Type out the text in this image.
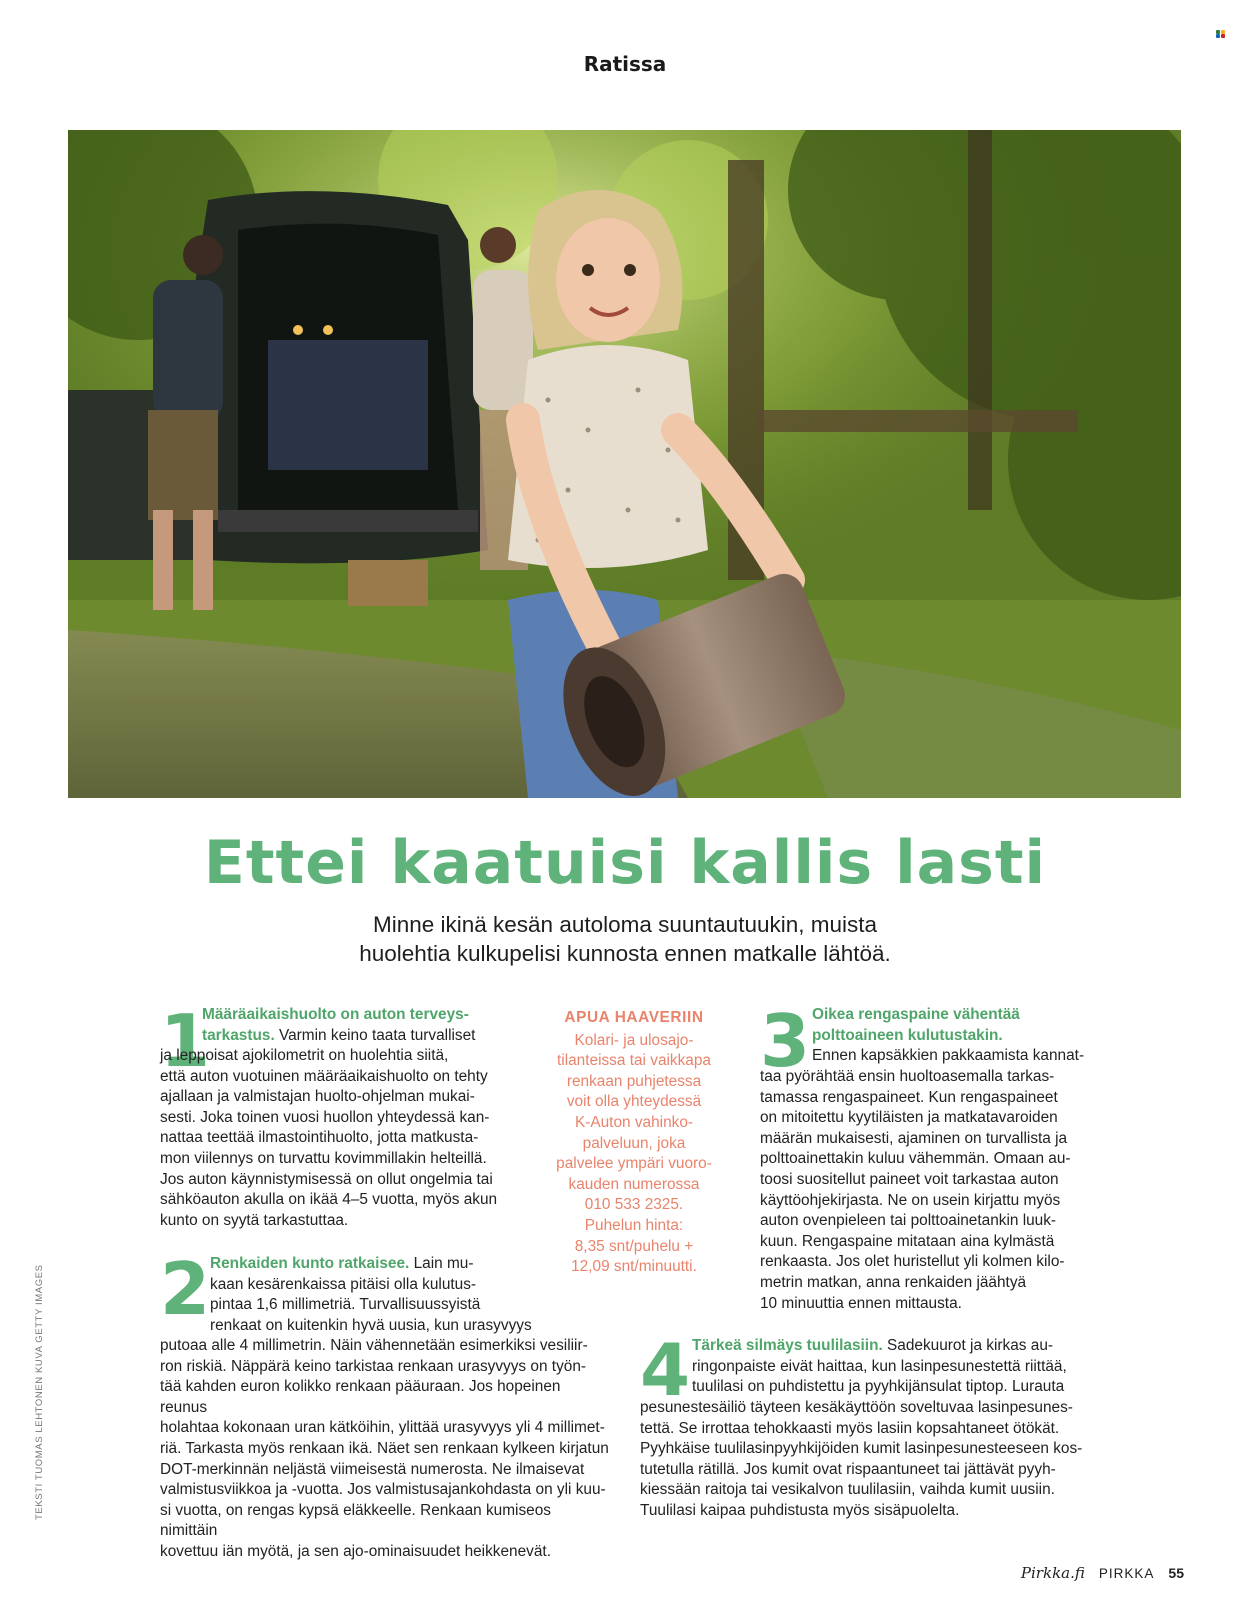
Ratissa
Ettei kaatuisi kallis lasti
Minne ikinä kesän autoloma suuntautuukin, muista
huolehtia kulkupelisi kunnosta ennen matkalle lähtöä.
1
Määräaikaishuolto on auton terveys-
tarkastus. Varmin keino taata turvalliset
ja leppoisat ajokilometrit on huolehtia siitä,
että auton vuotuinen määräaikaishuolto on tehty
ajallaan ja valmistajan huolto-ohjelman mukai-
sesti. Joka toinen vuosi huollon yhteydessä kan-
nattaa teettää ilmastointihuolto, jotta matkusta-
mon viilennys on turvattu kovimmillakin helteillä.
Jos auton käynnistymisessä on ollut ongelmia tai
sähköauton akulla on ikää 4–5 vuotta, myös akun
kunto on syytä tarkastuttaa.
2 Renkaiden kunto ratkaisee. Lain mu-
kaan kesärenkaissa pitäisi olla kulutus-
pintaa 1,6 millimetriä. Turvallisuussyistä
renkaat on kuitenkin hyvä uusia, kun urasyvyys
putoaa alle 4 millimetrin. Näin vähennetään esimerkiksi vesiliir-
ron riskiä. Näppärä keino tarkistaa renkaan urasyvyys on työn-
tää kahden euron kolikko renkaan pääuraan. Jos hopeinen reunus
holahtaa kokonaan uran kätköihin, ylittää urasyvyys yli 4 millimet-
riä. Tarkasta myös renkaan ikä. Näet sen renkaan kylkeen kirjatun
DOT-merkinnän neljästä viimeisestä numerosta. Ne ilmaisevat
valmistusviikkoa ja -vuotta. Jos valmistusajankohdasta on yli kuu-
si vuotta, on rengas kypsä eläkkeelle. Renkaan kumiseos nimittäin
kovettuu iän myötä, ja sen ajo-ominaisuudet heikkenevät.
APUA HAAVERIIN
Kolari- ja ulosajo-
tilanteissa tai vaikkapa
renkaan puhjetessa
voit olla yhteydessä
K-Auton vahinko-
palveluun, joka
palvelee ympäri vuoro-
kauden numerossa
010 533 2325.
Puhelun hinta:
8,35 snt/puhelu +
12,09 snt/minuutti.
3 Oikea rengaspaine vähentää
polttoaineen kulutustakin.
Ennen kapsäkkien pakkaamista kannat-
taa pyörähtää ensin huoltoasemalla tarkas-
tamassa rengaspaineet. Kun rengaspaineet
on mitoitettu kyytiläisten ja matkatavaroiden
määrän mukaisesti, ajaminen on turvallista ja
polttoainettakin kuluu vähemmän. Omaan au-
toosi suositellut paineet voit tarkastaa auton
käyttöohjekirjasta. Ne on usein kirjattu myös
auton ovenpieleen tai polttoainetankin luuk-
kuun. Rengaspaine mitataan aina kylmästä
renkaasta. Jos olet huristellut yli kolmen kilo-
metrin matkan, anna renkaiden jäähtyä
10 minuuttia ennen mittausta.
4 Tärkeä silmäys tuulilasiin. Sadekuurot ja kirkas au-
ringonpaiste eivät haittaa, kun lasinpesunestettä riittää,
tuulilasi on puhdistettu ja pyyhkijänsulat tiptop. Lurauta
pesunestesäiliö täyteen kesäkäyttöön soveltuvaa lasinpesunes-
tettä. Se irrottaa tehokkaasti myös lasiin kopsahtaneet ötökät.
Pyyhkäise tuulilasinpyyhkijöiden kumit lasinpesunesteeseen kos-
tutetulla rätillä. Jos kumit ovat rispaantuneet tai jättävät pyyh-
kiessään raitoja tai vesikalvon tuulilasiin, vaihda kumit uusiin.
Tuulilasi kaipaa puhdistusta myös sisäpuolelta.
TEKSTI TUOMAS LEHTONEN KUVA GETTY IMAGES
Pirkka.fi PIRKKA 55
